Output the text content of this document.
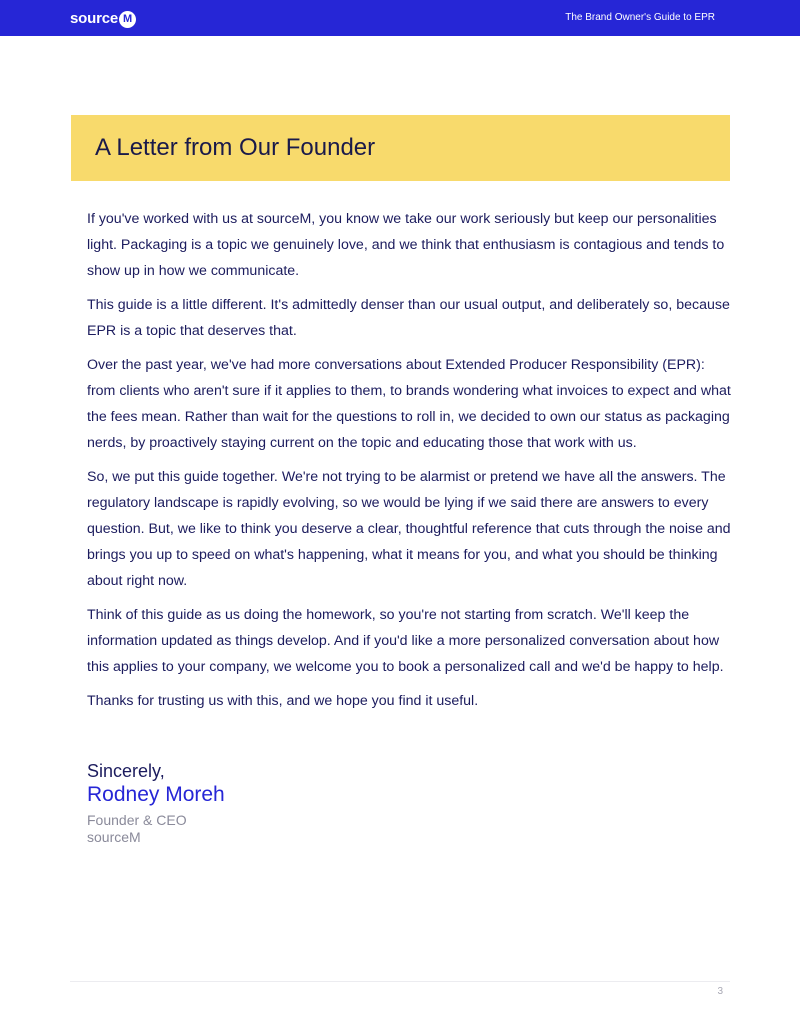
source M	The Brand Owner's Guide to EPR
A Letter from Our Founder

If you've worked with us at sourceM, you know we take our work seriously but keep our personalities light. Packaging is a topic we genuinely love, and we think that enthusiasm is contagious and tends to show up in how we communicate.

This guide is a little different. It's admittedly denser than our usual output, and deliberately so, because EPR is a topic that deserves that.

Over the past year, we've had more conversations about Extended Producer Responsibility (EPR): from clients who aren't sure if it applies to them, to brands wondering what invoices to expect and what the fees mean. Rather than wait for the questions to roll in, we decided to own our status as packaging nerds, by proactively staying current on the topic and educating those that work with us.

So, we put this guide together. We're not trying to be alarmist or pretend we have all the answers. The regulatory landscape is rapidly evolving, so we would be lying if we said there are answers to every question. But, we like to think you deserve a clear, thoughtful reference that cuts through the noise and brings you up to speed on what's happening, what it means for you, and what you should be thinking about right now.

Think of this guide as us doing the homework, so you're not starting from scratch. We'll keep the information updated as things develop. And if you'd like a more personalized conversation about how this applies to your company, we welcome you to book a personalized call and we'd be happy to help.

Thanks for trusting us with this, and we hope you find it useful.

Sincerely,
Rodney Moreh
Founder & CEO
sourceM
3
